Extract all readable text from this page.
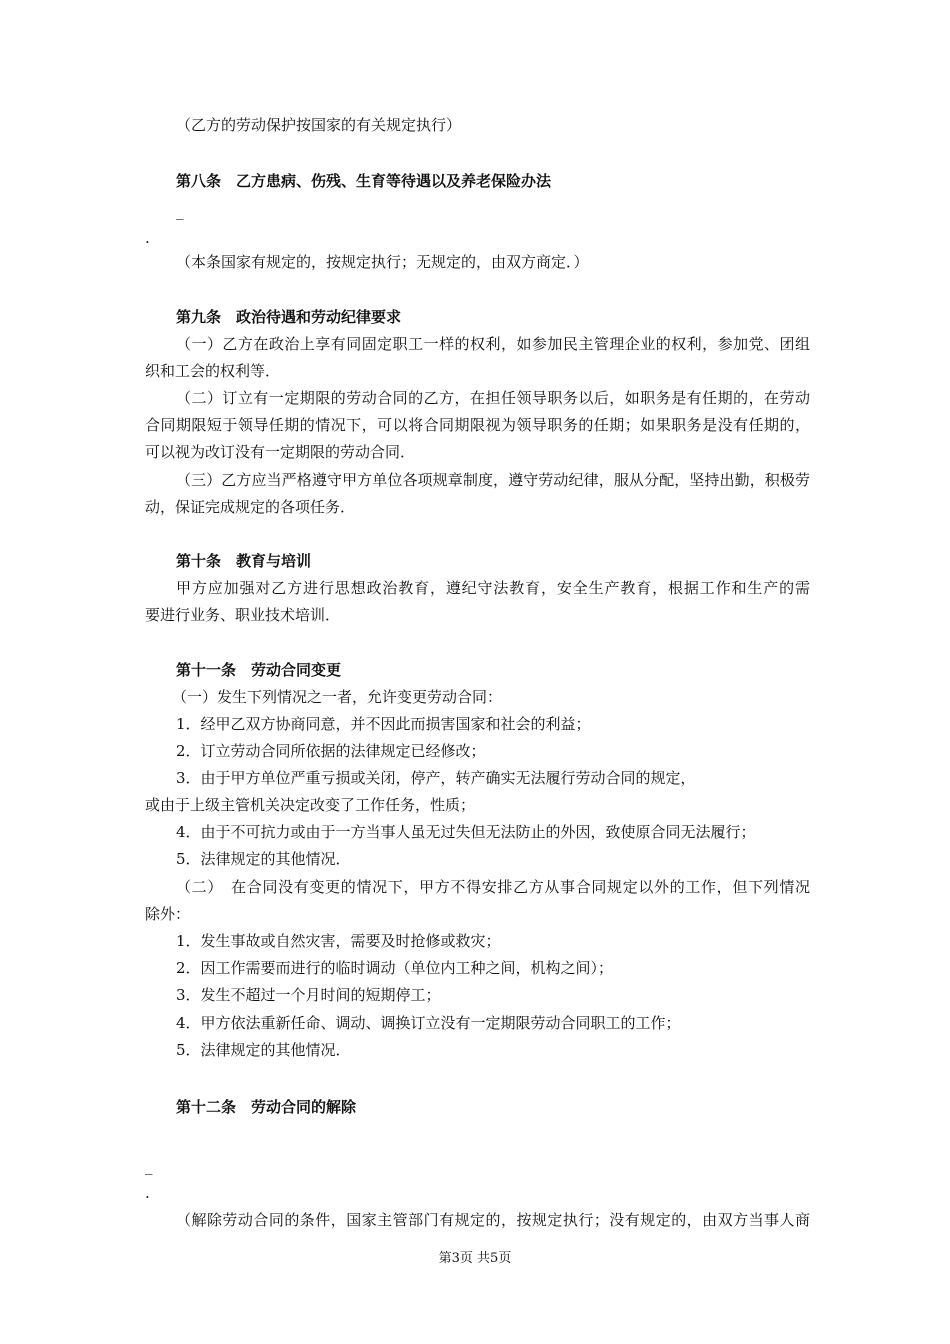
（乙方的劳动保护按国家的有关规定执行）
第八条　乙方患病、伤残、生育等待遇以及养老保险办法
_
.
（本条国家有规定的，按规定执行；无规定的，由双方商定．）
第九条　政治待遇和劳动纪律要求
（一）乙方在政治上享有同固定职工一样的权利，如参加民主管理企业的权利，参加党、团组
织和工会的权利等．
（二）订立有一定期限的劳动合同的乙方，在担任领导职务以后，如职务是有任期的，在劳动
合同期限短于领导任期的情况下，可以将合同期限视为领导职务的任期；如果职务是没有任期的，
可以视为改订没有一定期限的劳动合同．
（三）乙方应当严格遵守甲方单位各项规章制度，遵守劳动纪律，服从分配，坚持出勤，积极劳
动，保证完成规定的各项任务．
第十条　教育与培训
甲方应加强对乙方进行思想政治教育，遵纪守法教育，安全生产教育，根据工作和生产的需
要进行业务、职业技术培训．
第十一条　劳动合同变更
（一）发生下列情况之一者，允许变更劳动合同：
1．经甲乙双方协商同意，并不因此而损害国家和社会的利益；
2．订立劳动合同所依据的法律规定已经修改；
3．由于甲方单位严重亏损或关闭，停产，转产确实无法履行劳动合同的规定，
或由于上级主管机关决定改变了工作任务，性质；
4．由于不可抗力或由于一方当事人虽无过失但无法防止的外因，致使原合同无法履行；
5．法律规定的其他情况．
（二）　在合同没有变更的情况下，甲方不得安排乙方从事合同规定以外的工作，但下列情况
除外：
1．发生事故或自然灾害，需要及时抢修或救灾；
2．因工作需要而进行的临时调动（单位内工种之间，机构之间）；
3．发生不超过一个月时间的短期停工；
4．甲方依法重新任命、调动、调换订立没有一定期限劳动合同职工的工作；
5．法律规定的其他情况．
第十二条　劳动合同的解除
_
.
（解除劳动合同的条件，国家主管部门有规定的，按规定执行；没有规定的，由双方当事人商
第3页 共5页
